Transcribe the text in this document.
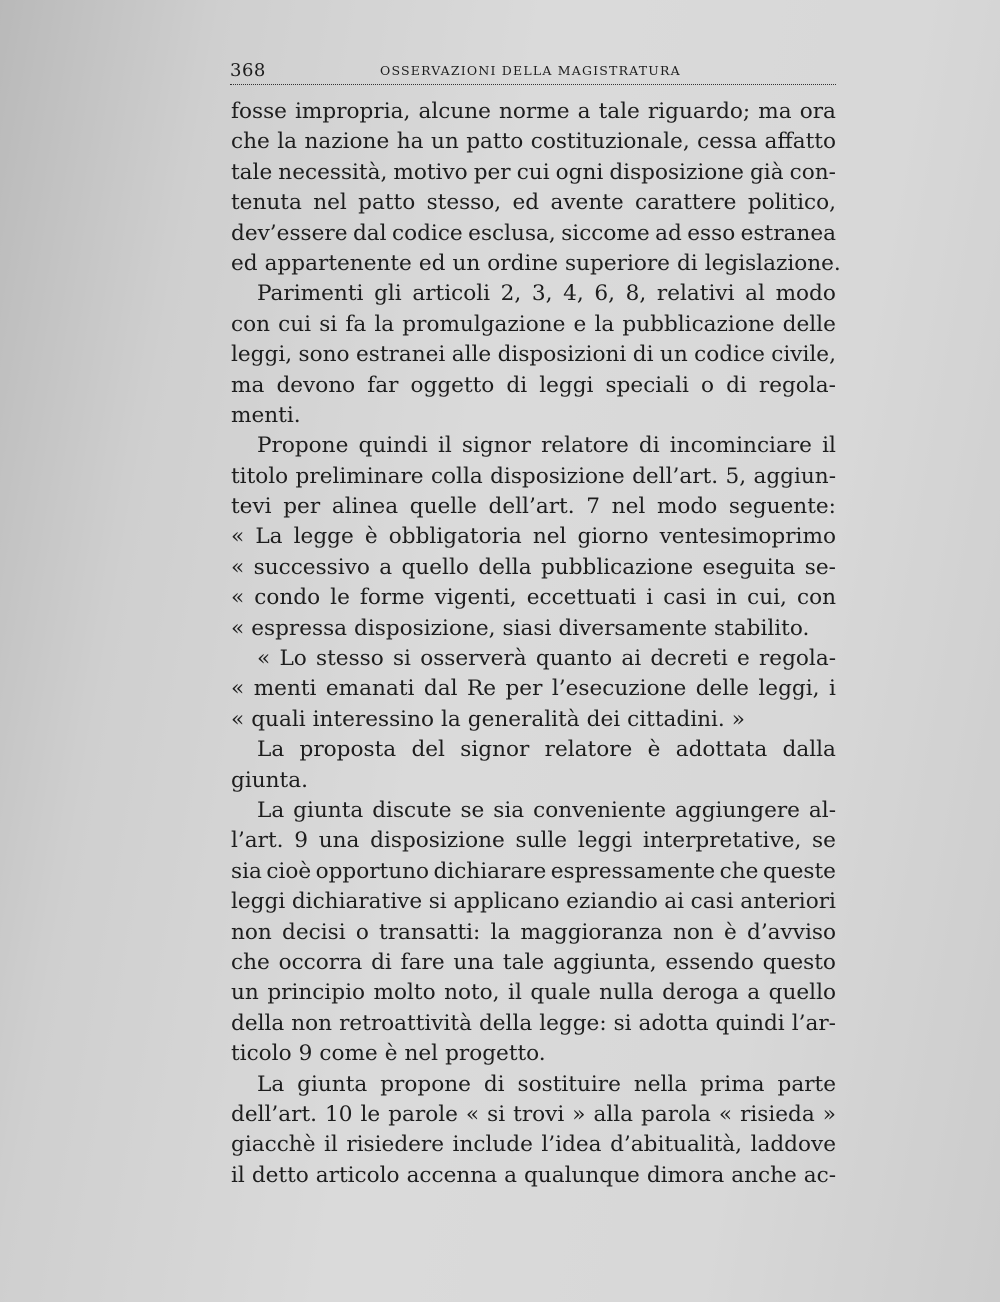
368	OSSERVAZIONI DELLA MAGISTRATURA
fosse impropria, alcune norme a tale riguardo; ma ora
che la nazione ha un patto costituzionale, cessa affatto
tale necessità, motivo per cui ogni disposizione già con-
tenuta nel patto stesso, ed avente carattere politico,
dev’essere dal codice esclusa, siccome ad esso estranea
ed appartenente ed un ordine superiore di legislazione.
Parimenti gli articoli 2, 3, 4, 6, 8, relativi al modo
con cui si fa la promulgazione e la pubblicazione delle
leggi, sono estranei alle disposizioni di un codice civile,
ma devono far oggetto di leggi speciali o di regola-
menti.
Propone quindi il signor relatore di incominciare il
titolo preliminare colla disposizione dell’art. 5, aggiun-
tevi per alinea quelle dell’art. 7 nel modo seguente:
« La legge è obbligatoria nel giorno ventesimoprimo
« successivo a quello della pubblicazione eseguita se-
« condo le forme vigenti, eccettuati i casi in cui, con
« espressa disposizione, siasi diversamente stabilito.
« Lo stesso si osserverà quanto ai decreti e regola-
« menti emanati dal Re per l’esecuzione delle leggi, i
« quali interessino la generalità dei cittadini. »
La proposta del signor relatore è adottata dalla
giunta.
La giunta discute se sia conveniente aggiungere al-
l’art. 9 una disposizione sulle leggi interpretative, se
sia cioè opportuno dichiarare espressamente che queste
leggi dichiarative si applicano eziandio ai casi anteriori
non decisi o transatti: la maggioranza non è d’avviso
che occorra di fare una tale aggiunta, essendo questo
un principio molto noto, il quale nulla deroga a quello
della non retroattività della legge: si adotta quindi l’ar-
ticolo 9 come è nel progetto.
La giunta propone di sostituire nella prima parte
dell’art. 10 le parole « si trovi » alla parola « risieda »
giacchè il risiedere include l’idea d’abitualità, laddove
il detto articolo accenna a qualunque dimora anche ac-
